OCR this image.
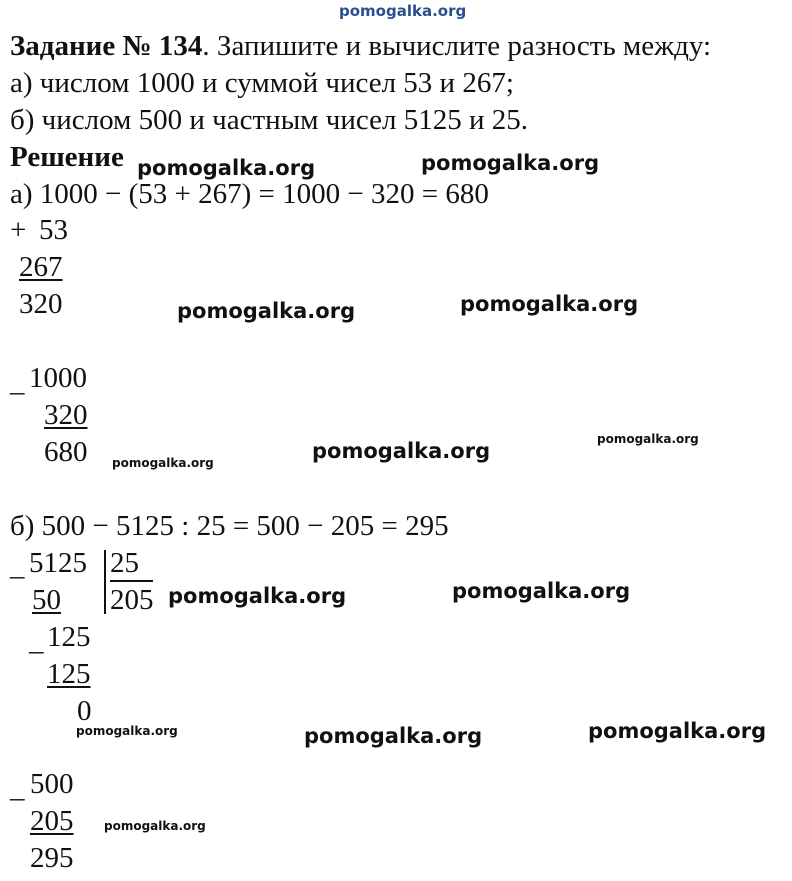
pomogalka.org
Задание № 134. Запишите и вычислите разность между:
а) числом 1000 и суммой чисел 53 и 267;
б) числом 500 и частным чисел 5125 и 25.
Решение
а) 1000 − (53 + 267) = 1000 − 320 = 680
+ 53
267
320
_ 1000
320
680
б) 500 − 5125 : 25 = 500 − 205 = 295
_ 5125 25
205
50
_ 125
125
0
_ 500
205
295
pomogalka.org	pomogalka.org
pomogalka.org	pomogalka.org
pomogalka.org	pomogalka.org	pomogalka.org
pomogalka.org	pomogalka.org
pomogalka.org	pomogalka.org	pomogalka.org
pomogalka.org
